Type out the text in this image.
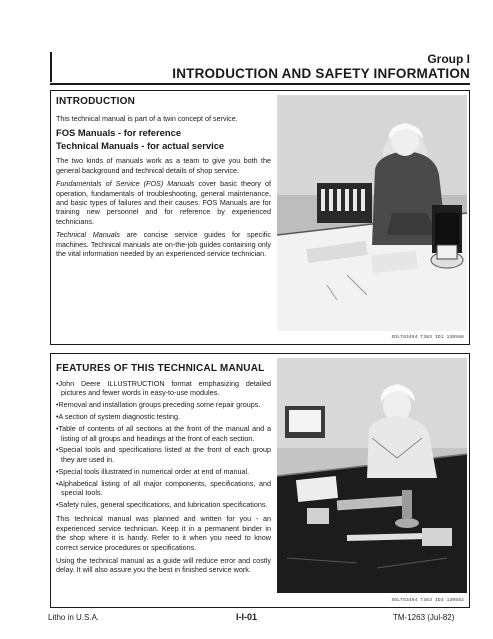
Group I
INTRODUCTION AND SAFETY INFORMATION
INTRODUCTION
This technical manual is part of a twin concept of service.
FOS Manuals - for reference
Technical Manuals - for actual service
The two kinds of manuals work as a team to give you both the general background and technical details of shop service.
Fundamentals of Service (FOS) Manuals cover basic theory of operation, fundamentals of troubleshooting, general maintenance, and basic types of failures and their causes. FOS Manuals are for training new personnel and for reference by experienced technicians.
Technical Manuals are concise service guides for specific machines. Technical manuals are on-the-job guides containing only the vital information needed by an experienced service technician.
SOLT83494 T383 ID1 130586
FEATURES OF THIS TECHNICAL MANUAL
•John Deere ILLUSTRUCTION format emphasizing detailed pictures and fewer words in easy-to-use modules.
•Removal and installation groups preceding some repair groups.
•A section of system diagnostic testing.
•Table of contents of all sections at the front of the manual and a listing of all groups and headings at the front of each section.
•Special tools and specifications listed at the front of each group they are used in.
•Special tools illustrated in numerical order at end of manual.
•Alphabetical listing of all major components, specifications, and special tools.
•Safety rules, general specifications, and lubrication specifications.
This technical manual was planned and written for you - an experienced service technician. Keep it in a permanent binder in the shop where it is handy. Refer to it when you need to know correct service procedures or specifications.
Using the technical manual as a guide will reduce error and costly delay. It will also assure you the best in finished service work.
SOLT83494 T383 ID3 130582
Litho in U.S.A.	I-I-01	TM-1263 (Jul-82)
